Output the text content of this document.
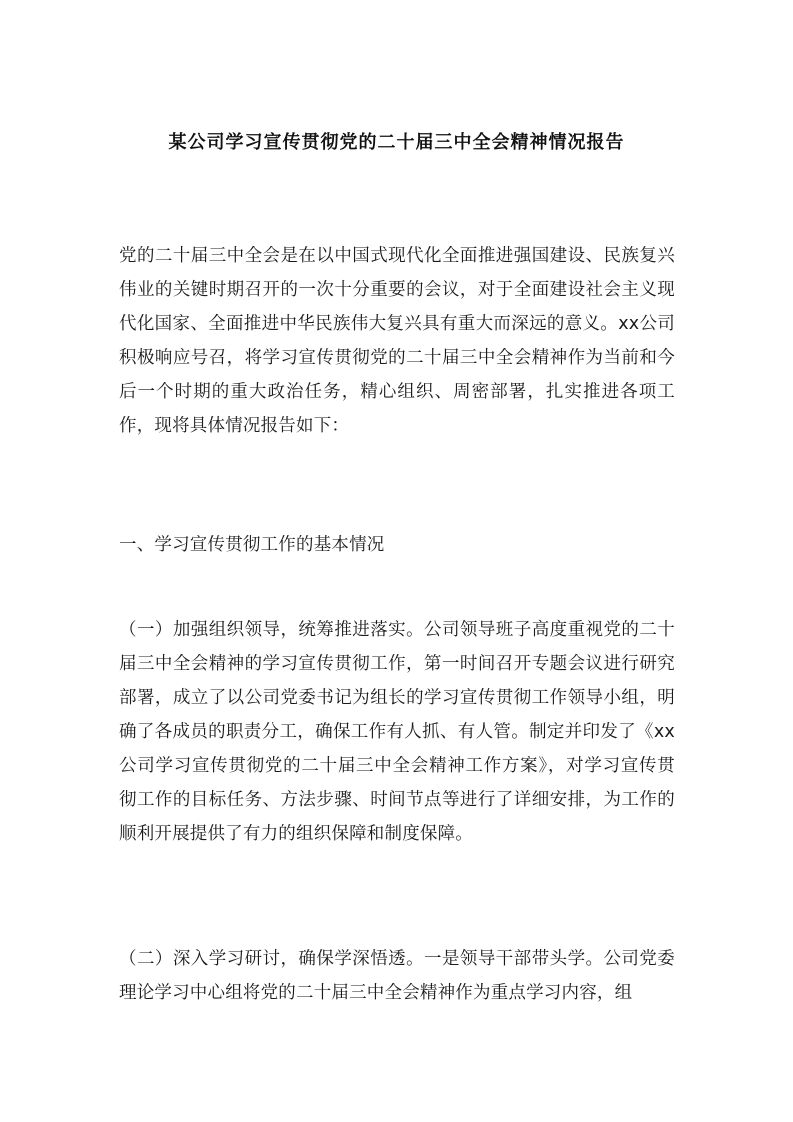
某公司学习宣传贯彻党的二十届三中全会精神情况报告
党的二十届三中全会是在以中国式现代化全面推进强国建设、民族复兴伟业的关键时期召开的一次十分重要的会议，对于全面建设社会主义现代化国家、全面推进中华民族伟大复兴具有重大而深远的意义。xx公司积极响应号召，将学习宣传贯彻党的二十届三中全会精神作为当前和今后一个时期的重大政治任务，精心组织、周密部署，扎实推进各项工作，现将具体情况报告如下：
一、学习宣传贯彻工作的基本情况
（一）加强组织领导，统筹推进落实。公司领导班子高度重视党的二十届三中全会精神的学习宣传贯彻工作，第一时间召开专题会议进行研究部署，成立了以公司党委书记为组长的学习宣传贯彻工作领导小组，明确了各成员的职责分工，确保工作有人抓、有人管。制定并印发了《xx公司学习宣传贯彻党的二十届三中全会精神工作方案》，对学习宣传贯彻工作的目标任务、方法步骤、时间节点等进行了详细安排，为工作的顺利开展提供了有力的组织保障和制度保障。
（二）深入学习研讨，确保学深悟透。一是领导干部带头学。公司党委理论学习中心组将党的二十届三中全会精神作为重点学习内容，组
